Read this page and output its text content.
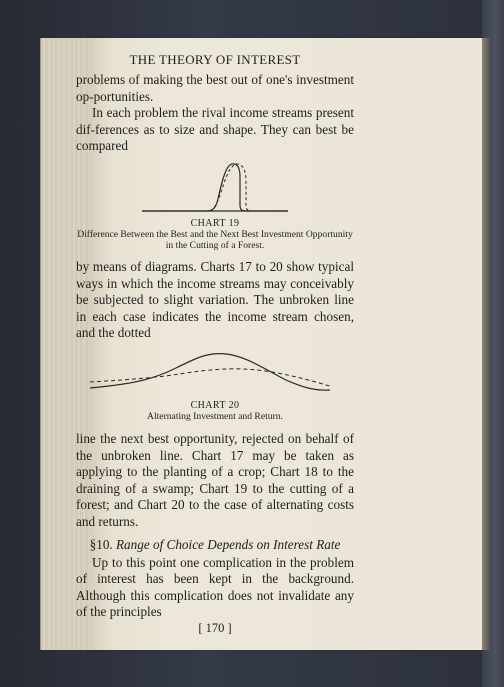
THE THEORY OF INTEREST

problems of making the best out of one's investment op-portunities.

In each problem the rival income streams present dif-ferences as to size and shape. They can best be compared

CHART 19
Difference Between the Best and the Next Best Investment Opportunity
in the Cutting of a Forest.

by means of diagrams. Charts 17 to 20 show typical ways in which the income streams may conceivably be subjected to slight variation. The unbroken line in each case indicates the income stream chosen, and the dotted

CHART 20
Alternating Investment and Return.

line the next best opportunity, rejected on behalf of the unbroken line. Chart 17 may be taken as applying to the planting of a crop; Chart 18 to the draining of a swamp; Chart 19 to the cutting of a forest; and Chart 20 to the case of alternating costs and returns.

§10. Range of Choice Depends on Interest Rate

Up to this point one complication in the problem of interest has been kept in the background. Although this complication does not invalidate any of the principles

[ 170 ]
